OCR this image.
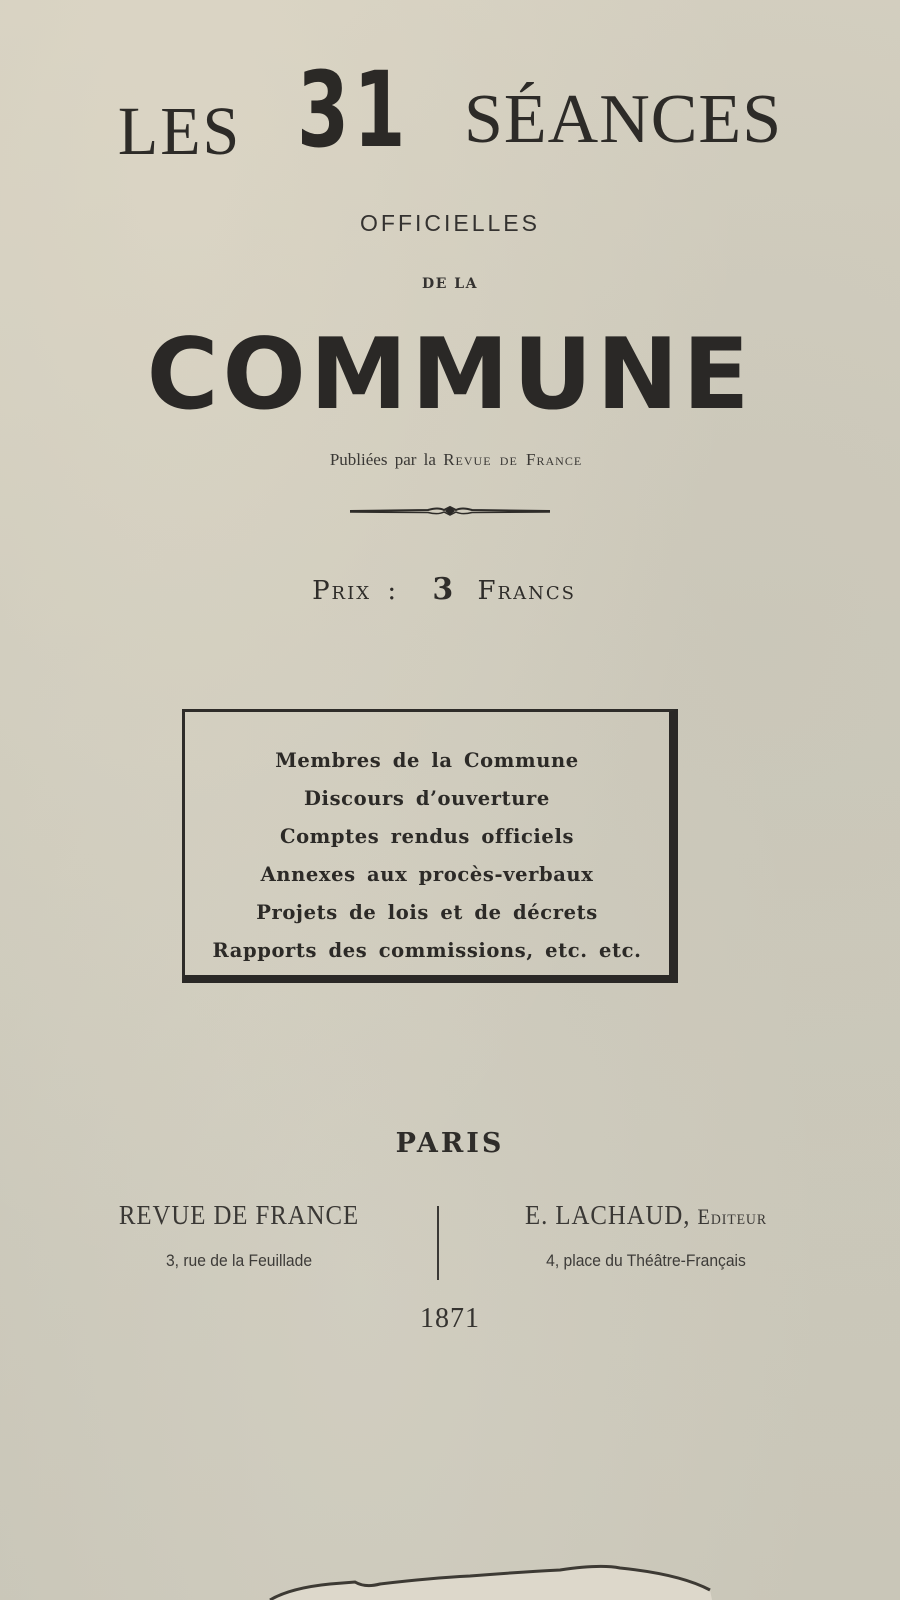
LES 31 SÉANCES
OFFICIELLES
DE LA
COMMUNE
Publiées par la Revue de France
Prix : 3 Francs
Membres de la Commune
Discours d’ouverture
Comptes rendus officiels
Annexes aux procès-verbaux
Projets de lois et de décrets
Rapports des commissions, etc. etc.
PARIS
REVUE DE FRANCE
3, rue de la Feuillade
E. LACHAUD, Editeur
4, place du Théâtre-Français
1871
